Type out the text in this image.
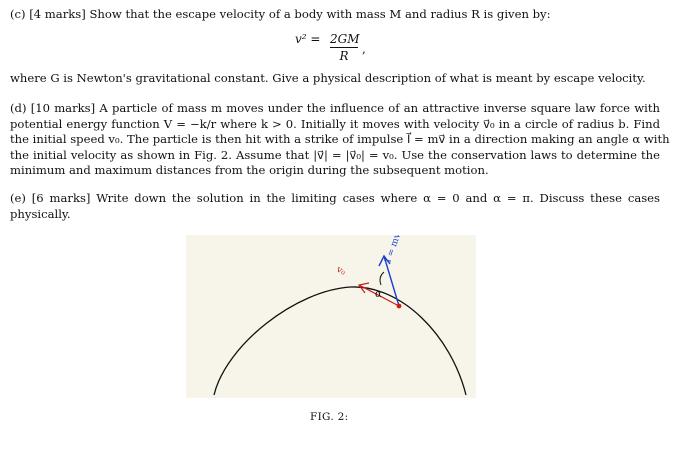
(c) [4 marks] Show that the escape velocity of a body with mass M and radius R is given by:
$v^2 = \frac{2GM}{R}$ ,
where G is Newton's gravitational constant. Give a physical description of what is meant by escape velocity.
(d) [10 marks] A particle of mass m moves under the influence of an attractive inverse square law force with
potential energy function V = −k/r where k > 0. Initially it moves with velocity v⃗₀ in a circle of radius b. Find
the initial speed v₀. The particle is then hit with a strike of impulse I⃗ = mv⃗ in a direction making an angle α with
the initial velocity as shown in Fig. 2. Assume that |v⃗| = |v⃗₀| = v₀. Use the conservation laws to determine the
minimum and maximum distances from the origin during the subsequent motion.
(e) [6 marks] Write down the solution in the limiting cases where α = 0 and α = π. Discuss these cases
physically.
v₀
I = mv
α
FIG. 2:
